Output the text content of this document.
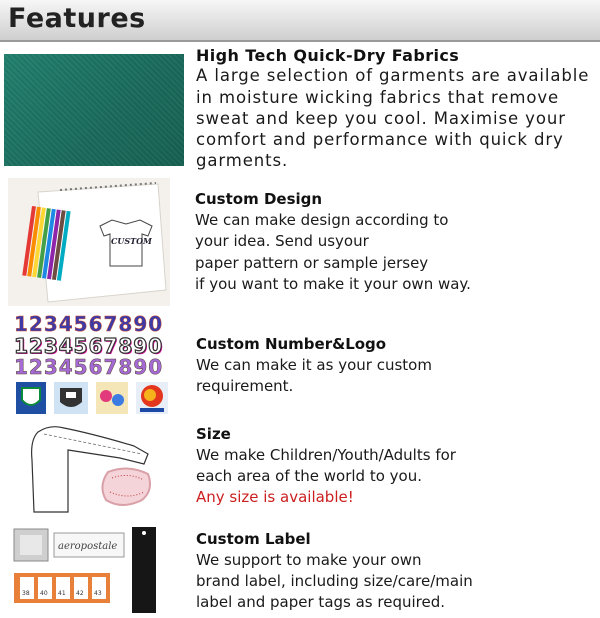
Features
High Tech Quick-Dry Fabrics
A large selection of garments are available
in moisture wicking fabrics that remove
sweat and keep you cool. Maximise your
comfort and performance with quick dry
garments.
CUSTOM
Custom Design
We can make design according to
your idea. Send usyour
paper pattern or sample jersey
if you want to make it your own way.
1234567890
1234567890
1234567890
Custom Number&Logo
We can make it as your custom
requirement.
Size
We make Children/Youth/Adults for
each area of the world to you.
Any size is available!
aeropostale
38 40 41 42 43
Custom Label
We support to make your own
brand label, including size/care/main
label and paper tags as required.
